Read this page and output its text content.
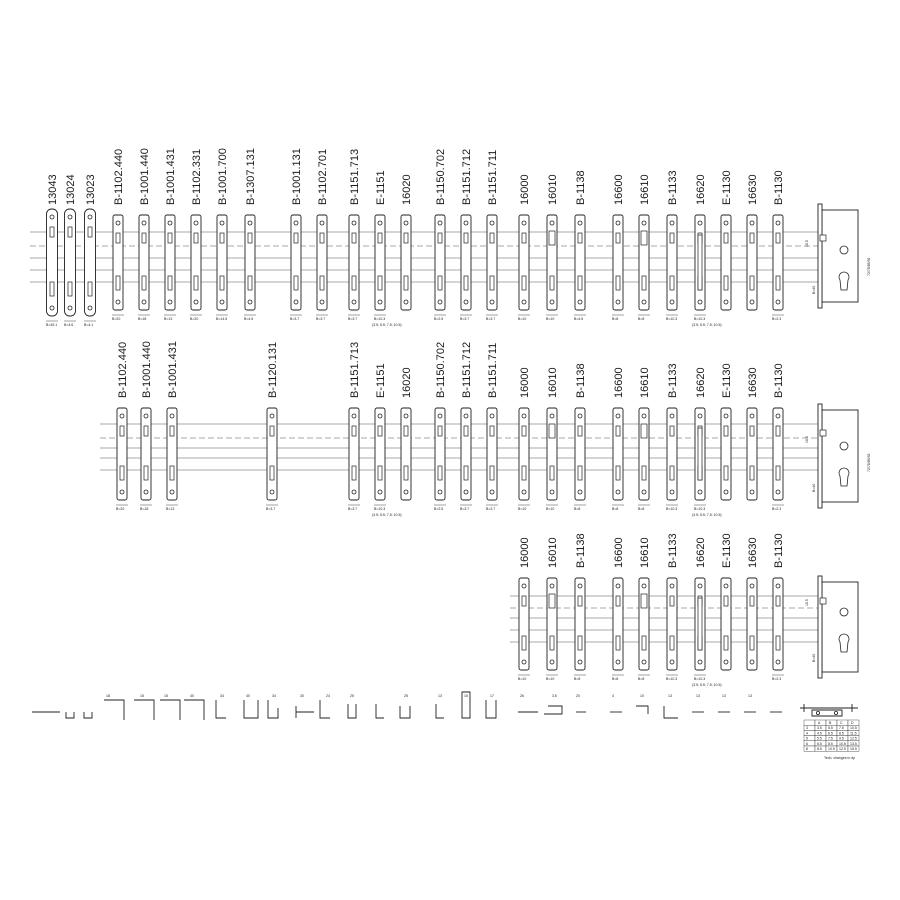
13043 13024 13023 B-1102.440 B-1001.440 B-1001.431 B-1102.331 B-1001.700 B-1307.131	B-1001.131 B-1102.701 B-1151.713 E-1151 16020 B-1150.702 B-1151.712 B-1151.711 16000 16010 B-1138 16600 16610 B-1133 16620 E-1130 16630 B-1130
B-1102.440 B-1001.440 B-1001.431	B-1120.131	B-1151.713 E-1151 16020 B-1150.702 B-1151.712 B-1151.711 16000 16010 B-1138 16600 16610 B-1133 16620 E-1130 16630 B-1130
16000 16010 B-1138 16600 16610 B-1133 16620 E-1130 16630 B-1130
B=45.1 B=4.6	B=4.1
B=20	B=18	B=13	B=20	B=14.5	B=4.5	B=3.7	B=3.7	B=3.7	B=10.3
(3.5; 5.5; 7.5; 10.5)
B=2.5	B=3.7	B=3.7	B=10	B=10	B=4.5	B=8	B=8	B=10.3	B=10.3	B=2.3
(3.5; 5.5; 7.5; 10.5)
B=20	B=18	B=13	B=3.7	B=3.7	B=10.3
(3.5; 5.5; 7.5; 10.5)
B=2.5	B=3.7	B=3.7	B=10	B=10	B=8	B=8	B=8	B=10.3	B=10.3	B=2.3
(3.5; 5.5; 7.5; 10.5)
B=10	B=10	B=8	B=8	B=8	B=10.3	B=10.3	B=2.3
(3.5; 5.5; 7.5; 10.5)
16.5
72/78/85/92
B=40
16.5
72/78/85/92
B=40
16.5
B=40
18	15	15	40	34	40	34	30	24	25	25	13	15	17	26	3.5	20	4	10	13	13	13	13
A B C D
3	3.5 5.5 7.5 10.5
4	4.5 6.5 8.5 11.5
5	5.5 7.5 9.5 12.5
6	6.5 8.5 10.5 13.5
8	8.5 10.5 12.5 15.5
Tech. changes in dp
